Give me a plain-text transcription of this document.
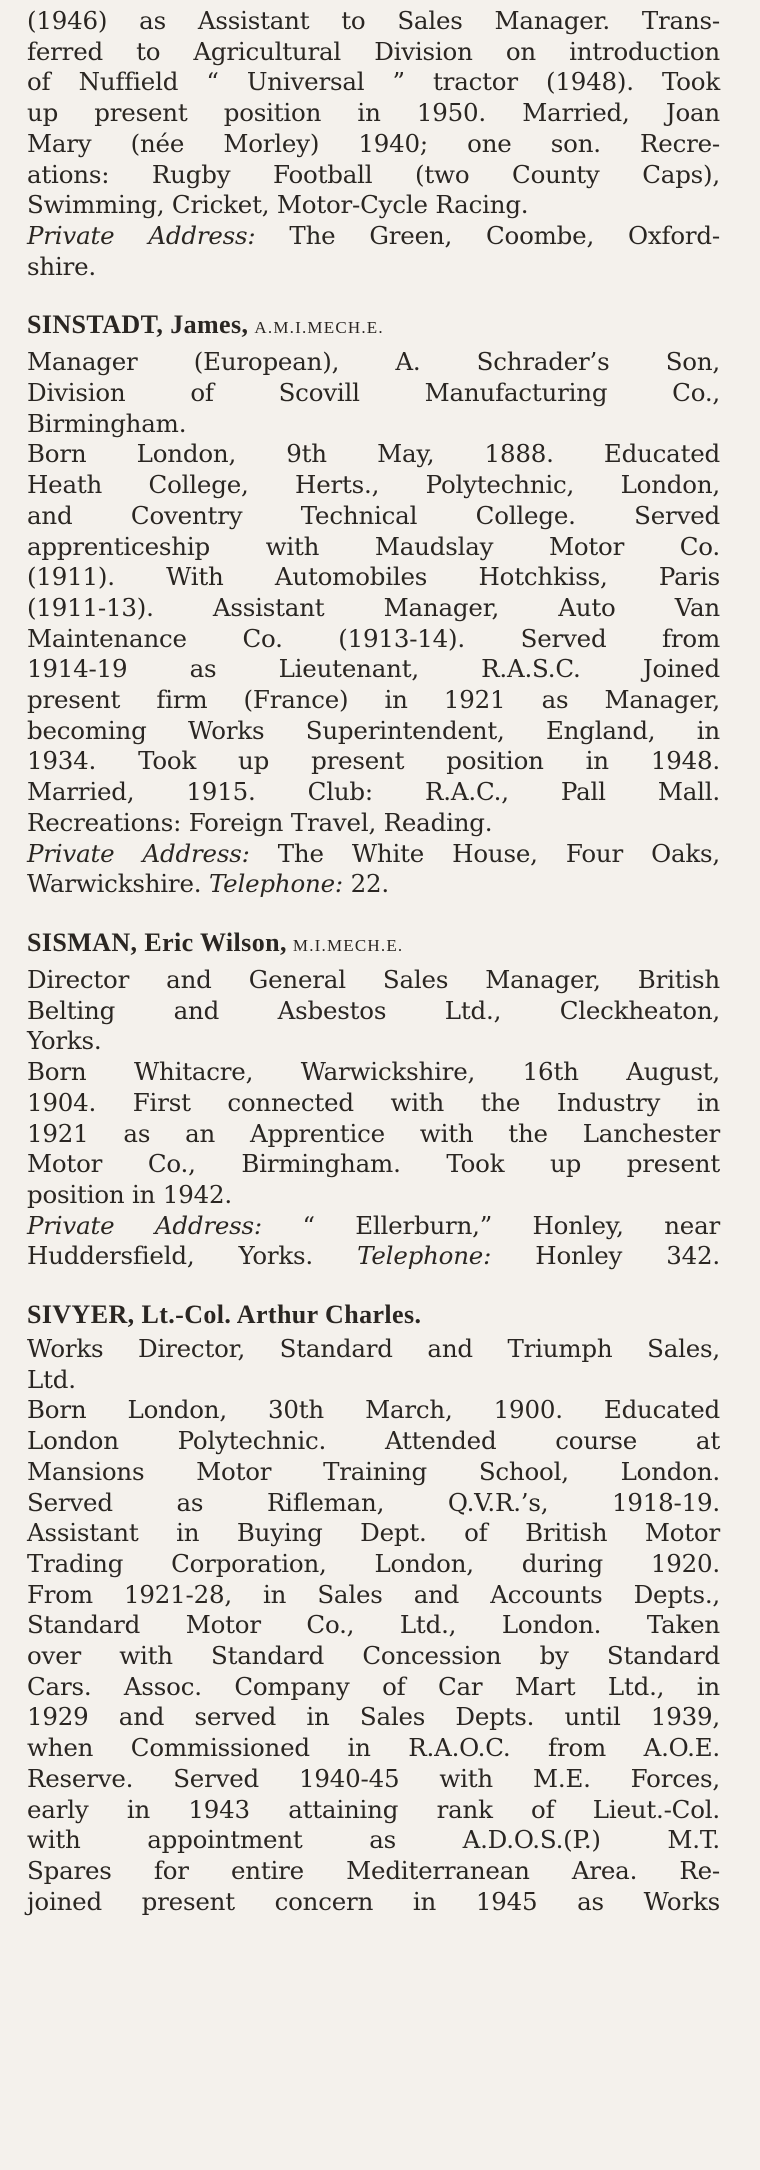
(1946) as Assistant to Sales Manager. Trans-
ferred to Agricultural Division on introduction
of Nuffield “ Universal ” tractor (1948). Took
up present position in 1950. Married, Joan
Mary (née Morley) 1940; one son. Recre-
ations: Rugby Football (two County Caps),
Swimming, Cricket, Motor-Cycle Racing.
Private Address: The Green, Coombe, Oxford-
shire.
SINSTADT, James, A.M.I.MECH.E.
Manager (European), A. Schrader’s Son,
Division of Scovill Manufacturing Co.,
Birmingham.
Born London, 9th May, 1888. Educated
Heath College, Herts., Polytechnic, London,
and Coventry Technical College. Served
apprenticeship with Maudslay Motor Co.
(1911). With Automobiles Hotchkiss, Paris
(1911-13). Assistant Manager, Auto Van
Maintenance Co. (1913-14). Served from
1914-19 as Lieutenant, R.A.S.C. Joined
present firm (France) in 1921 as Manager,
becoming Works Superintendent, England, in
1934. Took up present position in 1948.
Married, 1915. Club: R.A.C., Pall Mall.
Recreations: Foreign Travel, Reading.
Private Address: The White House, Four Oaks,
Warwickshire. Telephone: 22.
SISMAN, Eric Wilson, M.I.MECH.E.
Director and General Sales Manager, British
Belting and Asbestos Ltd., Cleckheaton,
Yorks.
Born Whitacre, Warwickshire, 16th August,
1904. First connected with the Industry in
1921 as an Apprentice with the Lanchester
Motor Co., Birmingham. Took up present
position in 1942.
Private Address: “ Ellerburn,” Honley, near
Huddersfield, Yorks. Telephone: Honley 342.
SIVYER, Lt.-Col. Arthur Charles.
Works Director, Standard and Triumph Sales,
Ltd.
Born London, 30th March, 1900. Educated
London Polytechnic. Attended course at
Mansions Motor Training School, London.
Served as Rifleman, Q.V.R.’s, 1918-19.
Assistant in Buying Dept. of British Motor
Trading Corporation, London, during 1920.
From 1921-28, in Sales and Accounts Depts.,
Standard Motor Co., Ltd., London. Taken
over with Standard Concession by Standard
Cars. Assoc. Company of Car Mart Ltd., in
1929 and served in Sales Depts. until 1939,
when Commissioned in R.A.O.C. from A.O.E.
Reserve. Served 1940-45 with M.E. Forces,
early in 1943 attaining rank of Lieut.-Col.
with appointment as A.D.O.S.(P.) M.T.
Spares for entire Mediterranean Area. Re-
joined present concern in 1945 as Works
